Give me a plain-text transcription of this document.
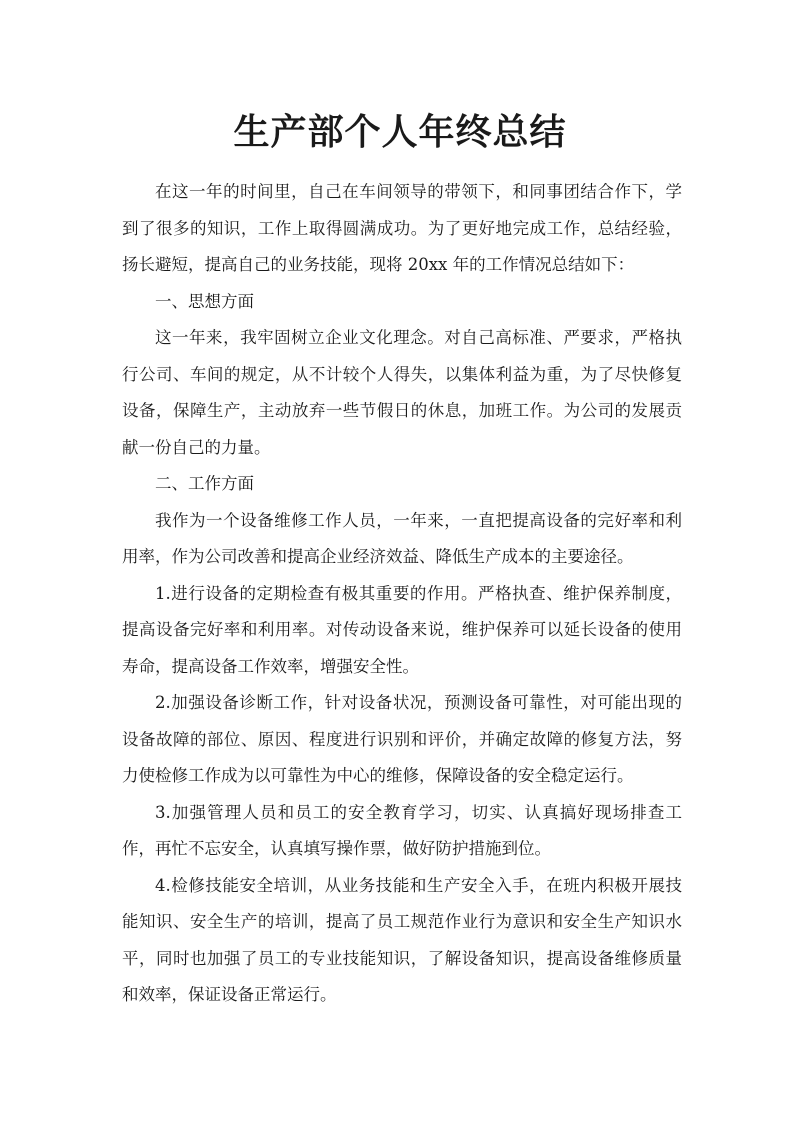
生产部个人年终总结

在这一年的时间里，自己在车间领导的带领下，和同事团结合作下，学到了很多的知识，工作上取得圆满成功。为了更好地完成工作，总结经验，扬长避短，提高自己的业务技能，现将 20xx 年的工作情况总结如下：

一、思想方面

这一年来，我牢固树立企业文化理念。对自己高标准、严要求，严格执行公司、车间的规定，从不计较个人得失，以集体利益为重，为了尽快修复设备，保障生产，主动放弃一些节假日的休息，加班工作。为公司的发展贡献一份自己的力量。

二、工作方面

我作为一个设备维修工作人员，一年来，一直把提高设备的完好率和利用率，作为公司改善和提高企业经济效益、降低生产成本的主要途径。

1.进行设备的定期检查有极其重要的作用。严格执查、维护保养制度，提高设备完好率和利用率。对传动设备来说，维护保养可以延长设备的使用寿命，提高设备工作效率，增强安全性。

2.加强设备诊断工作，针对设备状况，预测设备可靠性，对可能出现的设备故障的部位、原因、程度进行识别和评价，并确定故障的修复方法，努力使检修工作成为以可靠性为中心的维修，保障设备的安全稳定运行。

3.加强管理人员和员工的安全教育学习，切实、认真搞好现场排查工作，再忙不忘安全，认真填写操作票，做好防护措施到位。

4.检修技能安全培训，从业务技能和生产安全入手，在班内积极开展技能知识、安全生产的培训，提高了员工规范作业行为意识和安全生产知识水平，同时也加强了员工的专业技能知识，了解设备知识，提高设备维修质量和效率，保证设备正常运行。
